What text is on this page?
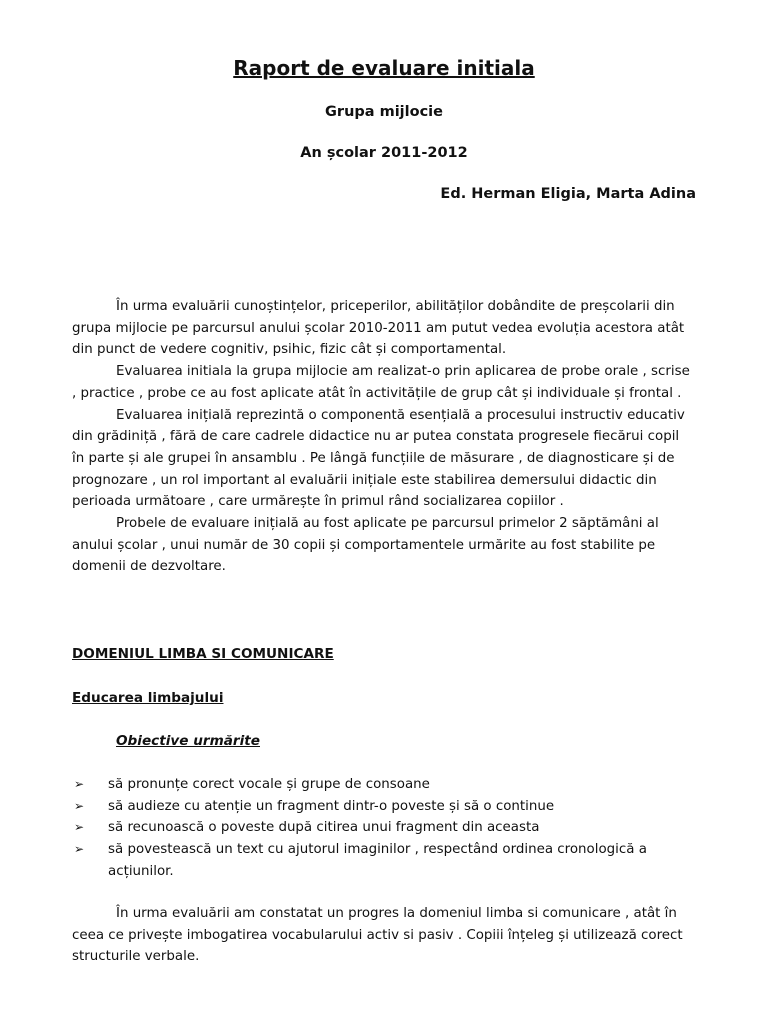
Raport de evaluare initiala
Grupa mijlocie
An școlar 2011-2012
Ed. Herman Eligia, Marta Adina

În urma evaluării cunoștințelor, priceperilor, abilităților dobândite de preșcolarii din grupa mijlocie pe parcursul anului școlar 2010-2011 am putut vedea evoluția acestora atât din punct de vedere cognitiv, psihic, fizic cât și comportamental.

Evaluarea initiala la grupa mijlocie am realizat-o prin aplicarea de probe orale , scrise , practice , probe ce au fost aplicate atât în activitățile de grup cât și individuale și frontal .

Evaluarea inițială reprezintă o componentă esențială a procesului instructiv educativ din grădiniță , fără de care cadrele didactice nu ar putea constata progresele fiecărui copil în parte și ale grupei în ansamblu . Pe lângă funcțiile de măsurare , de diagnosticare și de prognozare , un rol important al evaluării inițiale este stabilirea demersului didactic din perioada următoare , care urmărește în primul rând socializarea copiilor .

Probele de evaluare inițială au fost aplicate pe parcursul primelor 2 săptămâni al anului școlar , unui număr de 30 copii și comportamentele urmărite au fost stabilite pe domenii de dezvoltare.

DOMENIUL LIMBA SI COMUNICARE
Educarea limbajului
Obiective urmărite
➢ să pronunțe corect vocale și grupe de consoane
➢ să audieze cu atenție un fragment dintr-o poveste și să o continue
➢ să recunoască o poveste după citirea unui fragment din aceasta
➢ să povestească un text cu ajutorul imaginilor , respectând ordinea cronologică a acțiunilor.

În urma evaluării am constatat un progres la domeniul limba si comunicare , atât în ceea ce privește imbogatirea vocabularului activ si pasiv . Copiii înțeleg și utilizează corect structurile verbale.
